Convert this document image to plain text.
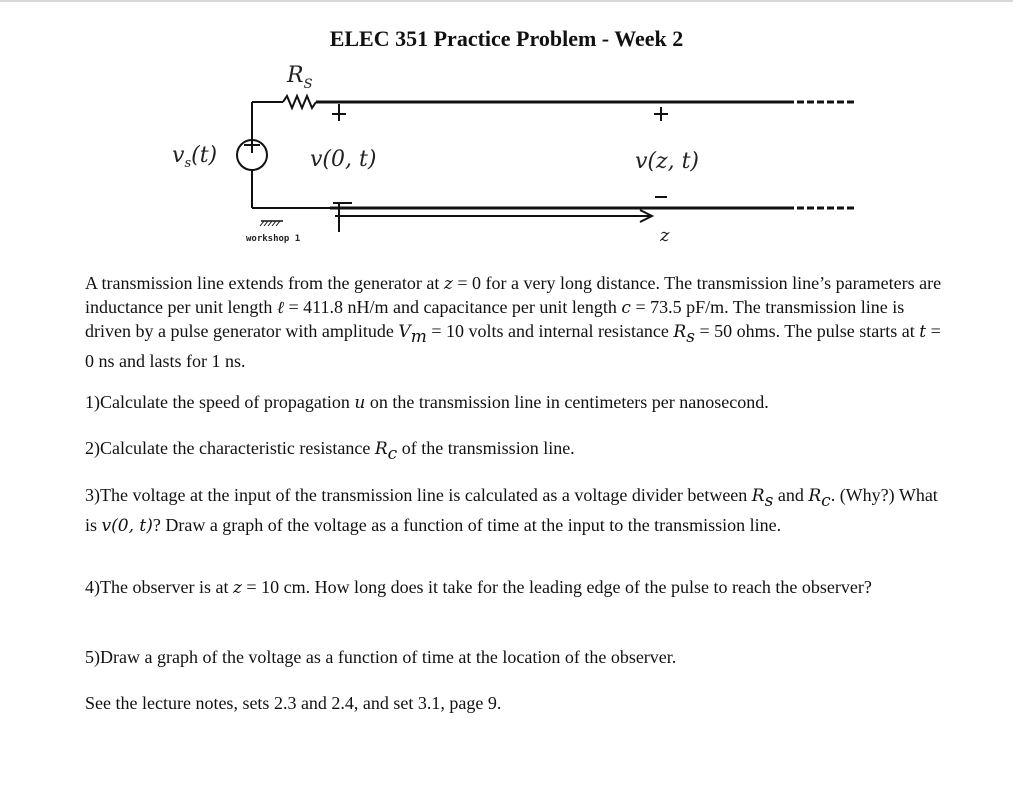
ELEC 351 Practice Problem - Week 2
$R_S$
$v_s(t)$	v(0, t)	v(z, t)
z
workshop 1
A transmission line extends from the generator at z = 0 for a very long distance. The transmission line’s parameters are inductance per unit length ℓ = 411.8 nH/m and capacitance per unit length c = 73.5 pF/m. The transmission line is driven by a pulse generator with amplitude $V_m = 10$ volts and internal resistance $R_s = 50$ ohms. The pulse starts at t = 0 ns and lasts for 1 ns.
1)Calculate the speed of propagation u on the transmission line in centimeters per nanosecond.
2)Calculate the characteristic resistance $R_c$ of the transmission line.
3)The voltage at the input of the transmission line is calculated as a voltage divider between $R_s$ and $R_c$. (Why?) What is v(0, t)? Draw a graph of the voltage as a function of time at the input to the transmission line.
4)The observer is at z = 10 cm. How long does it take for the leading edge of the pulse to reach the observer?
5)Draw a graph of the voltage as a function of time at the location of the observer.
See the lecture notes, sets 2.3 and 2.4, and set 3.1, page 9.
